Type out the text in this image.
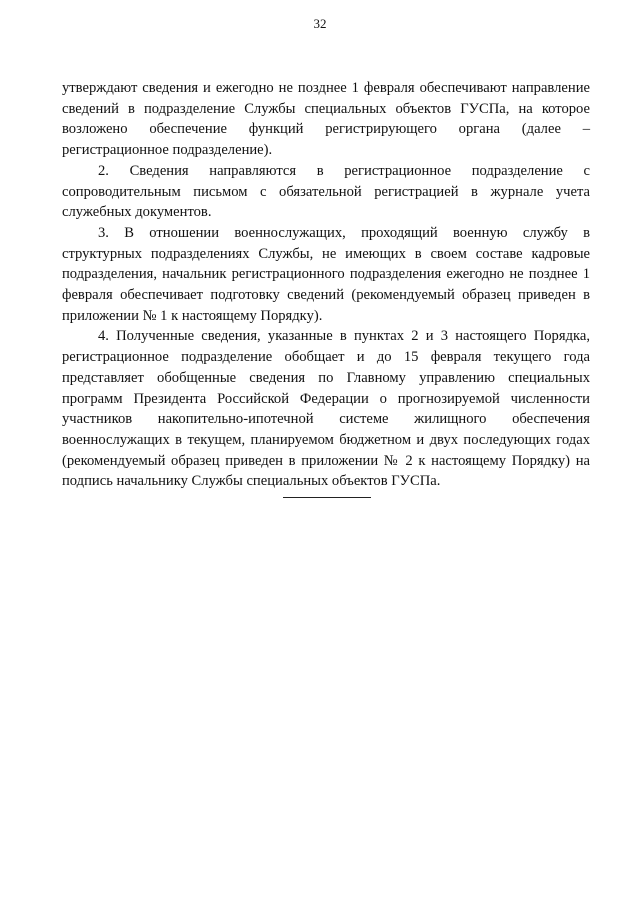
32

утверждают сведения и ежегодно не позднее 1 февраля обеспечивают направление сведений в подразделение Службы специальных объектов ГУСПа, на которое возложено обеспечение функций регистрирующего органа (далее – регистрационное подразделение).

2. Сведения направляются в регистрационное подразделение с сопроводительным письмом с обязательной регистрацией в журнале учета служебных документов.

3. В отношении военнослужащих, проходящий военную службу в структурных подразделениях Службы, не имеющих в своем составе кадровые подразделения, начальник регистрационного подразделения ежегодно не позднее 1 февраля обеспечивает подготовку сведений (рекомендуемый образец приведен в приложении № 1 к настоящему Порядку).

4. Полученные сведения, указанные в пунктах 2 и 3 настоящего Порядка, регистрационное подразделение обобщает и до 15 февраля текущего года представляет обобщенные сведения по Главному управлению специальных программ Президента Российской Федерации о прогнозируемой численности участников накопительно-ипотечной системе жилищного обеспечения военнослужащих в текущем, планируемом бюджетном и двух последующих годах (рекомендуемый образец приведен в приложении № 2 к настоящему Порядку) на подпись начальнику Службы специальных объектов ГУСПа.
